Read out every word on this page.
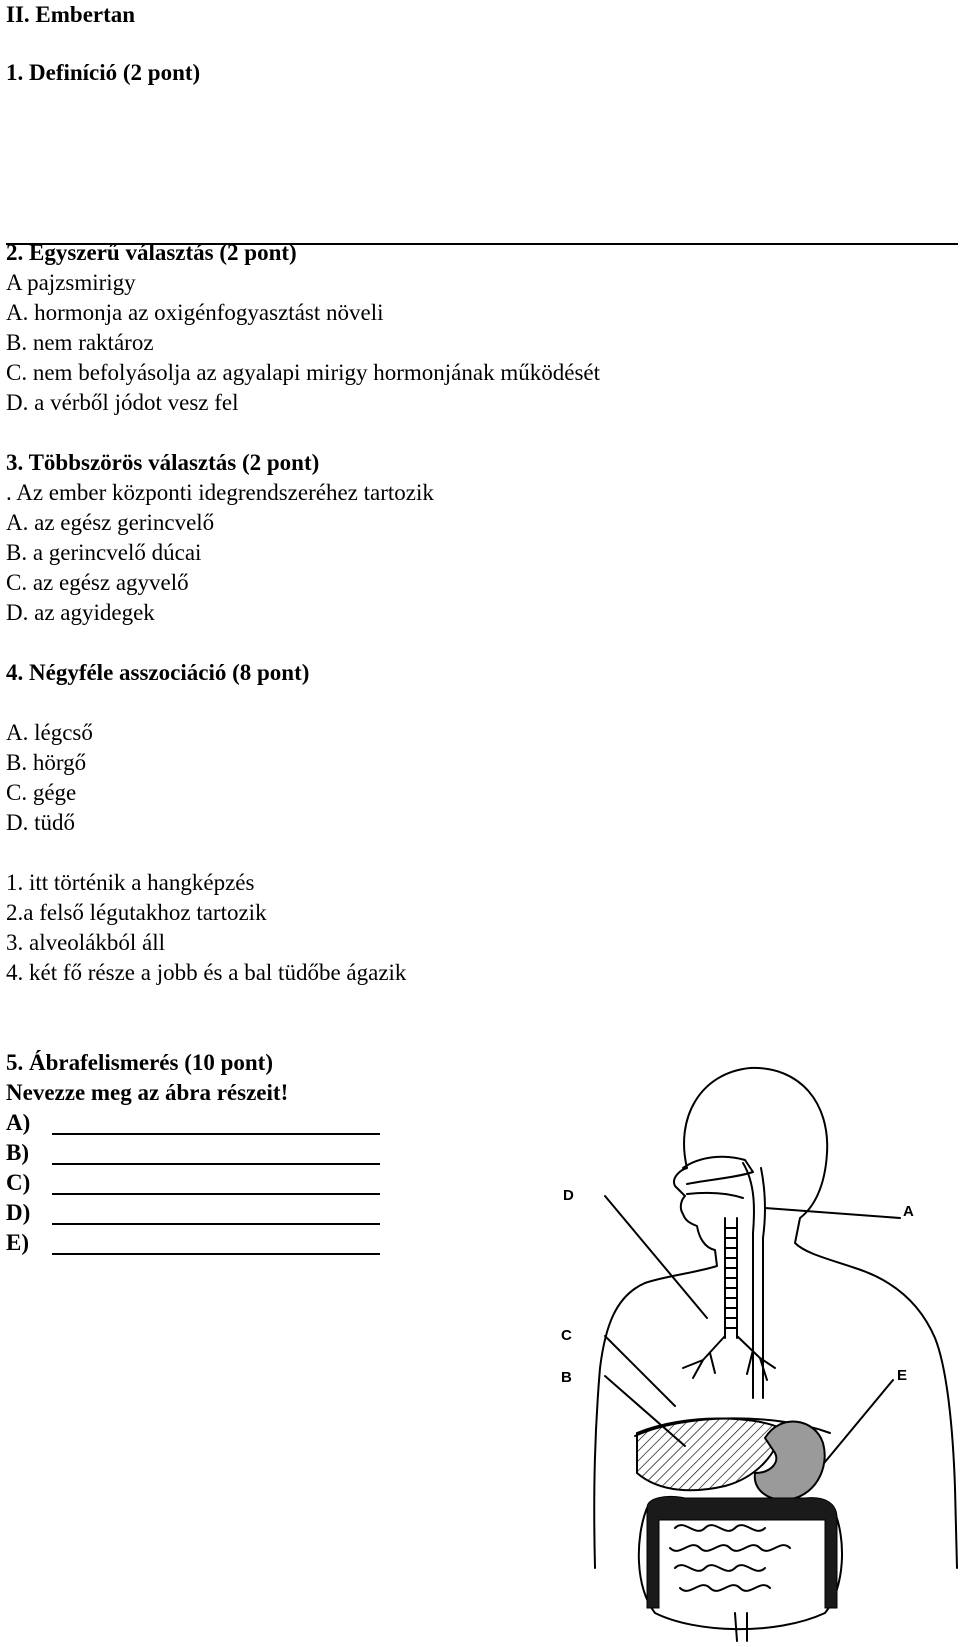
II. Embertan
1. Definíció (2 pont)
2. Egyszerű választás (2 pont)
A pajzsmirigy
A. hormonja az oxigénfogyasztást növeli
B. nem raktároz
C. nem befolyásolja az agyalapi mirigy hormonjának működését
D. a vérből jódot vesz fel
3. Többszörös választás (2 pont)
. Az ember központi idegrendszeréhez tartozik
A. az egész gerincvelő
B. a gerincvelő dúcai
C. az egész agyvelő
D. az agyidegek
4. Négyféle asszociáció (8 pont)
A. légcső
B. hörgő
C. gége
D. tüdő
1. itt történik a hangképzés
2.a felső légutakhoz tartozik
3. alveolákból áll
4. két fő része a jobb és a bal tüdőbe ágazik
5. Ábrafelismerés (10 pont)
Nevezze meg az ábra részeit!
A)
B)
C)
D)
E)
A
D
C
B	E
